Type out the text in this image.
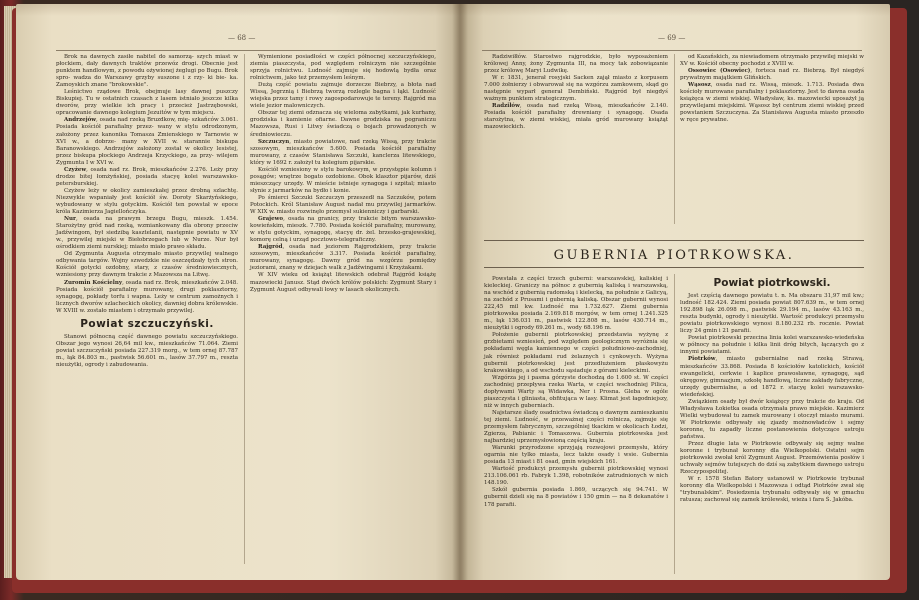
— 68 —

Brok na dawnych zasiłe nabitel do samorzą- szych miast w płockiem, dały dawnych traktów przewóz drogi. Obecnie jest punktem handlowym, z powodu ożywionej żeglugi po Bugu. Brok spro- wadza do Warszawy grzyby suszone i z rzy- ki bie- ka. Zamoyskich znane "brokowskie".

Leśnictwo rządowe Brok, obejmuje lasy dawnej puszczy Biskupiej. Tu w ostatnich czasach z lasem istniało jeszcze kilka dworów, przy wielkie ich pracy i przecież Jastrzębowski, opracowanie dawnego kolegium Jezuitów w tym miejscu.

Andrzejów, osada nad rzeką Bruzdkow, mię- szkańców 3.061. Posiada kościół parafialny przez- wany w stylu odrodzonym, założony przez kanonika Tomasza Zmienskiego w Tarnowie w XVI w., a dobrze- many w XVII w. starannie biskupa Baranowskiego. Andrzejów założony został w okolicy lesistej, przez biskupa płockiego Andrzeja Krzyckiego, za przy- wilejem Zygmunta I w XVI w.

Czyżew, osada nad rz. Brok, mieszkańców 2.276. Leży przy drodze bitej łomżyńskiej, posiada stacyę kolei warszawsko-petersburskiej.

Czyżew leży w okolicy zamieszkałej przez drobną szlachtę. Niezwykle wspaniały jest kościół św. Doroty Skarżyńskiego, wybudowany w stylu gotyckim. Kościół ten powstał w epoce króla Kazimierza Jagiellończyka.

Nur, osada na prawym brzegu Bugu, mieszk. 1.454. Starożytny gród nad rzeką, wzmiankowany dla obrony przeciw Jadźwingom, był siedzibą kasztelanii, następnie powiatu w XV w., przywilej miejski w Biełobrzegach lub w Nurze. Nur był ośrodkiem ziemi nurskiej; miasto miało prawo składu.

Od Zygmunta Augusta otrzymało miasto przywilej walnego odbywania targów. Wojny szwedzkie nie oszczędzały tych stron. Kościół gotycki ozdobny, stary, z czasów średniowiecznych, wzniesiony przy dawnym trakcie z Mazowsza na Litwę.

Zuromin Kościelny, osada nad rz. Brok, mieszkańców 2.048. Posiada kościół parafialny murowany, drugi poklasztorny, synagogę, pokłady torfu i wapna. Leży w centrum zamożnych i licznych dworów szlacheckich okolicy, dawniej dobra królewskie. W XVIII w. zostało miastem i otrzymało przywilej.

Powiat szczuczyński.

Stanowi północną część dawnego powiatu szczuczyńskiego. Obszar jego wynosi 26,64 mil kw., mieszkańców 71.064. Ziemi powiat szczuczyński posiada 227.319 morg., w tem ornej 87.787 m., łąk 84.803 m., pastwisk 56.601 m., lasów 37.797 m., reszta nieużytki, ogrody i zabudowania.

Wymienione posiadłości w części północnej szczuczyńskiego, ziemia piaszczysta, pod względem rolniczym nie szczególnie sprzyja rolnictwu. Ludność zajmuje się hodowlą bydła oraz rolnictwem, jako też przemysłem leśnym.

Dużą część powiatu zajmuje dorzecze Biebrzy, a błota nad Wissą, Jegrznią i Biebrzą tworzą rozlegle bagna i łąki. Ludność wiejska przez tamy i rowy zagospodarowuje te tereny. Rajgród ma wiele jezior malowniczych.

Obszar tej ziemi odznacza się wieloma zabytkami, jak kurhany, grodziska i kamienie ofiarne. Dawne grodziska na pograniczu Mazowsza, Rusi i Litwy świadczą o bojach prowadzonych w średniowieczu.

Szczuczyn, miasto powiatowe, nad rzeką Wissą, przy trakcie szosowym, mieszkańców 5.600. Posiada kościół parafialny murowany, z czasów Stanisława Szczuki, kanclerza litewskiego, który w 1692 r. założył tu kolegium pijarskie.

Kościół wzniesiony w stylu barokowym, w przystępie kolumn i posągów; wnętrze bogato ozdobione. Obok klasztor pijarów, dziś mieszczący urzędy. W mieście istnieje synagoga i szpital; miasto słynie z jarmarków na bydło i konie.

Po śmierci Szczuki Szczuczyn przeszedł na Szczuków, potem Potockich. Król Stanisław August nadał mu przywilej jarmarków. W XIX w. miasto rozwinęło przemysł sukienniczy i garbarski.

Grajewo, osada na granicy, przy trakcie bitym warszawsko-kowieńskim, mieszk. 7.780. Posiada kościół parafialny, murowany, w stylu gotyckim, synagogę, stacyę dr. żel. brzesko-grajewskiej, komorę celną i urząd pocztowo-telegraficzny.

Rajgród, osada nad jeziorem Rajgrodzkiem, przy trakcie szosowym, mieszkańców 3.317. Posiada kościół parafialny, murowany, synagogę. Dawny gród na wzgórzu pomiędzy jeziorami, znany w dziejach walk z Jadźwingami i Krzyżakami.

W XIV wieku od książąt litewskich odebrał Rajgród książę mazowiecki Janusz. Stąd dwóch królów polskich: Zygmunt Stary i Zygmunt August odbywali łowy w lasach okolicznych.

— 69 —

Radziwiłłów. Starostwo rajgrodzkie, było wyposażeniem królowej Anny, żony Zygmunta III, na mocy tak zobowiązanie przez królowę Maryi Ludwikę.

W r. 1831, jenerał rosyjski Sacken zajął miasto z korpusem 7.000 żołnierzy i obwarował się na wzgórzu zamkowem, skąd go następnie wyparł generał Dembiński. Rajgród był niegdyś ważnym punktem strategicznym.

Radziłów, osada nad rzeką Wissą, mieszkańców 2.140. Posiada kościół parafialny drewniany i synagogę. Osada starożytna, w ziemi wiskiej, miała gród murowany książąt mazowieckich.

od Kazańskich, za niewiadomem otrzymało przywilej miejski w XV w. Kościół obecny pochodzi z XVIII w.

Ossowiec (Osowiec), forteca nad rz. Biebrzą. Był niegdyś prywatnym majątkiem Glińskich.

Wąsosz, osada nad rz. Wissą, mieszk. 1.713. Posiada dwa kościoły murowane parafialny i poklasztorny. Jest to dawna osada książęca w ziemi wiskiej. Władysław, ks. mazowiecki uposażył ją przywilejami miejskimi. Wąsosz był centrum ziemi wiskiej przed powstaniem Szczuczyna. Za Stanisława Augusta miasto przeszło w ręce prywatne.

GUBERNIA PIOTRKOWSKA.

Powstała z części trzech guberni: warszawskiej, kaliskiej i kieleckiej. Graniczy na północ z gubernią kaliską i warszawską, na wschód z gubernią radomską i kielecką, na południe z Galicyą, na zachód z Prusami i gubernią kaliską. Obszar gubernii wynosi 222,45 mil kw. Ludność ma 1.732.627. Ziemi gubernia piotrkowska posiada 2.169.818 morgów, w tem ornej 1.241.325 m., łąk 136.031 m., pastwisk 122.808 m., lasów 430.714 m., nieużytki i ogrody 69.261 m., wody 68.196 m.

Położenie gubernii piotrkowskiej przedstawia wyżynę z grzbietami wzniesień, pod względem geologicznym wyróżnia się pokładami węgla kamiennego w części południowo-zachodniej, jak również pokładami rud żelaznych i cynkowych. Wyżyna gubernii piotrkowskiej jest przedłużeniem płaskowyżu krakowskiego, a od wschodu sąsiaduje z górami kieleckimi.

Wzgórza jej i pasma górzyste dochodzą do 1.600 st. W części zachodniej przepływa rzeka Warta, w części wschodniej Pilica, dopływami Warty są Widawka, Ner i Prosna. Gleba w ogóle piaszczysta i gliniasta, obfitująca w lasy. Klimat jest łagodniejszy, niż w innych guberniach.

Najstarsze ślady osadnictwa świadczą o dawnym zamieszkaniu tej ziemi. Ludność, w przeważnej części rolnicza, zajmuje się przemysłem fabrycznym, szczególniej tkackim w okolicach Łodzi, Zgierza, Pabianic i Tomaszowa. Gubernia piotrkowska jest najbardziej uprzemysłowioną częścią kraju.

Warunki przyrodzone sprzyjają rozwojowi przemysłu, który ogarnia nie tylko miasta, lecz także osady i wsie. Gubernia posiada 13 miast i 81 osad, gmin wiejskich 161.

Wartość produkcyi przemysłu gubernii piotrkowskiej wynosi 213.106.061 rb. Fabryk 1.398, robotników zatrudnionych w nich 148.190.

Szkół gubernia posiada 1.869, uczących się 94.741. W gubernii dzieli się na 8 powiatów i 150 gmin — na 8 dekanatów i 178 parafii.

Powiat piotrkowski.

Jest częścią dawnego powiatu t. n. Ma obszaru 31,97 mil kw.; ludność 182.424. Ziemi posiada powiat 807.639 m., w tem ornej 192.898 łąk 26.098 m., pastwisk 29.194 m., lasów 43.163 m., reszta budynki, ogrody i nieużytki. Wartość produkcyi przemysłu powiatu piotrkowskiego wynosi 8.180.232 rb. rocznie. Powiat liczy 24 gmin i 21 parafii.

Powiat piotrkowski przecina linia kolei warszawsko-wiedeńska w północy na południe i kilka linii dróg bitych, łączących go z innymi powiatami.

Piotrków, miasto gubernialne nad rzeką Strawą, mieszkańców 33.868. Posiada 8 kościołów katolickich, kościół ewangelicki, cerkwie i kaplice prawosławne, synagogę, sąd okręgowy, gimnazjum, szkołę handlową, liczne zakłady fabryczne, urzędy gubernialne, a od 1872 r. stacyę kolei warszawsko-wiedeńskiej.

Związkiem osady był dwór książęcy przy trakcie do kraju. Od Władysława Łokietka osada otrzymała prawo miejskie. Kazimierz Wielki wybudował tu zamek murowany i otoczył miasto murami. W Piotrkowie odbywały się zjazdy możnowładców i sejmy koronne, tu zapadły liczne postanowienia dotyczące ustroju państwa.

Przez długie lata w Piotrkowie odbywały się sejmy walne koronne i trybunał koronny dla Wielkopolski. Ostatni sejm piotrkowski zwołał król Zygmunt August. Przemówienia posłów i uchwały sejmów tutejszych do dziś są zabytkiem dawnego ustroju Rzeczypospolitej.

W r. 1578 Stefan Batory ustanowił w Piotrkowie trybunał koronny dla Wielkopolski i Mazowsza i odtąd Piotrków zwał się "trybunalskim". Posiedzenia trybunału odbywały się w gmachu ratusza; zachował się zamek królewski, wieża i fara Ś. Jakóba.
